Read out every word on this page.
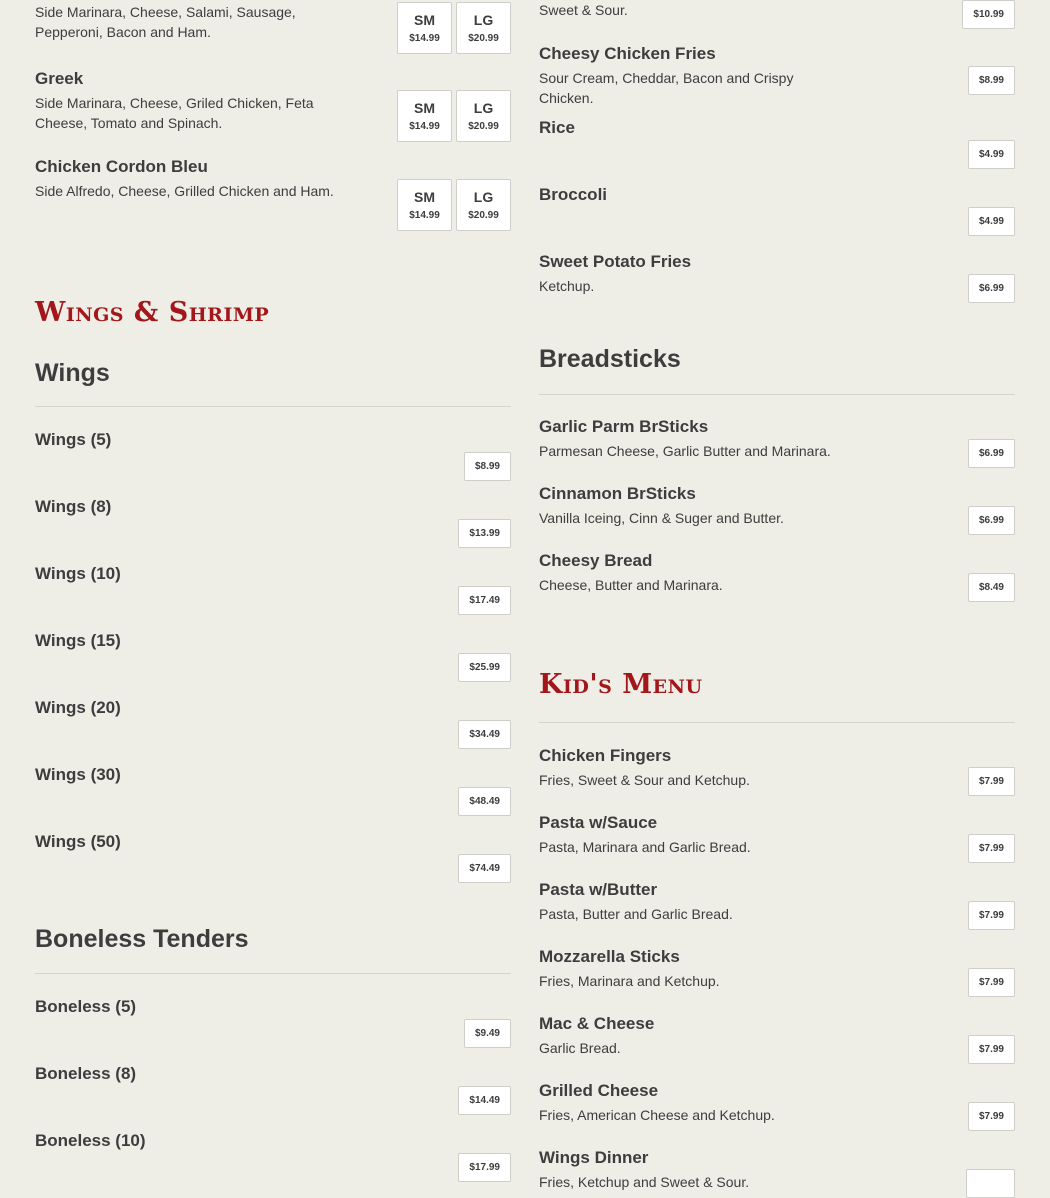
Side Marinara, Cheese, Salami, Sausage, Pepperoni, Bacon and Ham.
SM
$14.99
LG
$20.99
Greek
Side Marinara, Cheese, Griled Chicken, Feta Cheese, Tomato and Spinach.
SM
$14.99
LG
$20.99
Chicken Cordon Bleu
Side Alfredo, Cheese, Grilled Chicken and Ham.	SM
$14.99
LG
$20.99
Wings & Shrimp
Wings
Wings (5)
$8.99
Wings (8)
$13.99
Wings (10)
$17.49
Wings (15)
$25.99
Wings (20)
$34.49
Wings (30)
$48.49
Wings (50)
$74.49
Boneless Tenders
Boneless (5)
$9.49
Boneless (8)
$14.49
Boneless (10)
$17.99
Sweet & Sour.	$10.99
Cheesy Chicken Fries
Sour Cream, Cheddar, Bacon and Crispy Chicken.
$8.99
Rice
$4.99
Broccoli
$4.99
Sweet Potato Fries
Ketchup.	$6.99
Breadsticks
Garlic Parm BrSticks
Parmesan Cheese, Garlic Butter and Marinara.	$6.99
Cinnamon BrSticks
Vanilla Iceing, Cinn & Suger and Butter.	$6.99
Cheesy Bread
Cheese, Butter and Marinara.	$8.49
Kid's Menu
Chicken Fingers
Fries, Sweet & Sour and Ketchup.	$7.99
Pasta w/Sauce
Pasta, Marinara and Garlic Bread.	$7.99
Pasta w/Butter
Pasta, Butter and Garlic Bread.	$7.99
Mozzarella Sticks
Fries, Marinara and Ketchup.	$7.99
Mac & Cheese
Garlic Bread.	$7.99
Grilled Cheese
Fries, American Cheese and Ketchup.	$7.99
Wings Dinner
Fries, Ketchup and Sweet & Sour.
